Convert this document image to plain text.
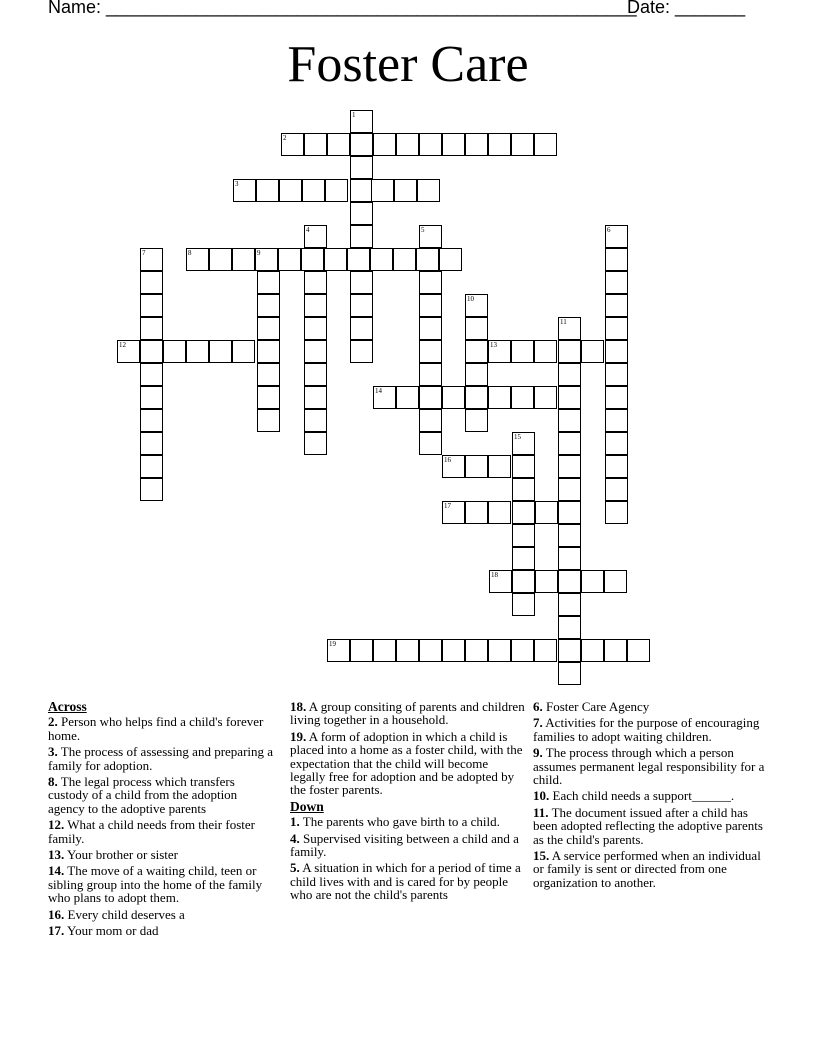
Name: _____________________________________________________
Date: _______
Foster Care
1
2
3
4	5	6
7	8	9
10
11
12	13
14
15
16
17
18
19
Across
2. Person who helps find a child's forever home.
3. The process of assessing and preparing a family for adoption.
8. The legal process which transfers custody of a child from the adoption agency to the adoptive parents
12. What a child needs from their foster family.
13. Your brother or sister
14. The move of a waiting child, teen or sibling group into the home of the family who plans to adopt them.
16. Every child deserves a
17. Your mom or dad
18. A group consiting of parents and children living together in a household.
19. A form of adoption in which a child is placed into a home as a foster child, with the expectation that the child will become legally free for adoption and be adopted by the foster parents.
Down
1. The parents who gave birth to a child.
4. Supervised visiting between a child and a family.
5. A situation in which for a period of time a child lives with and is cared for by people who are not the child's parents
6. Foster Care Agency
7. Activities for the purpose of encouraging families to adopt waiting children.
9. The process through which a person assumes permanent legal responsibility for a child.
10. Each child needs a support______.
11. The document issued after a child has been adopted reflecting the adoptive parents as the child's parents.
15. A service performed when an individual or family is sent or directed from one organization to another.
